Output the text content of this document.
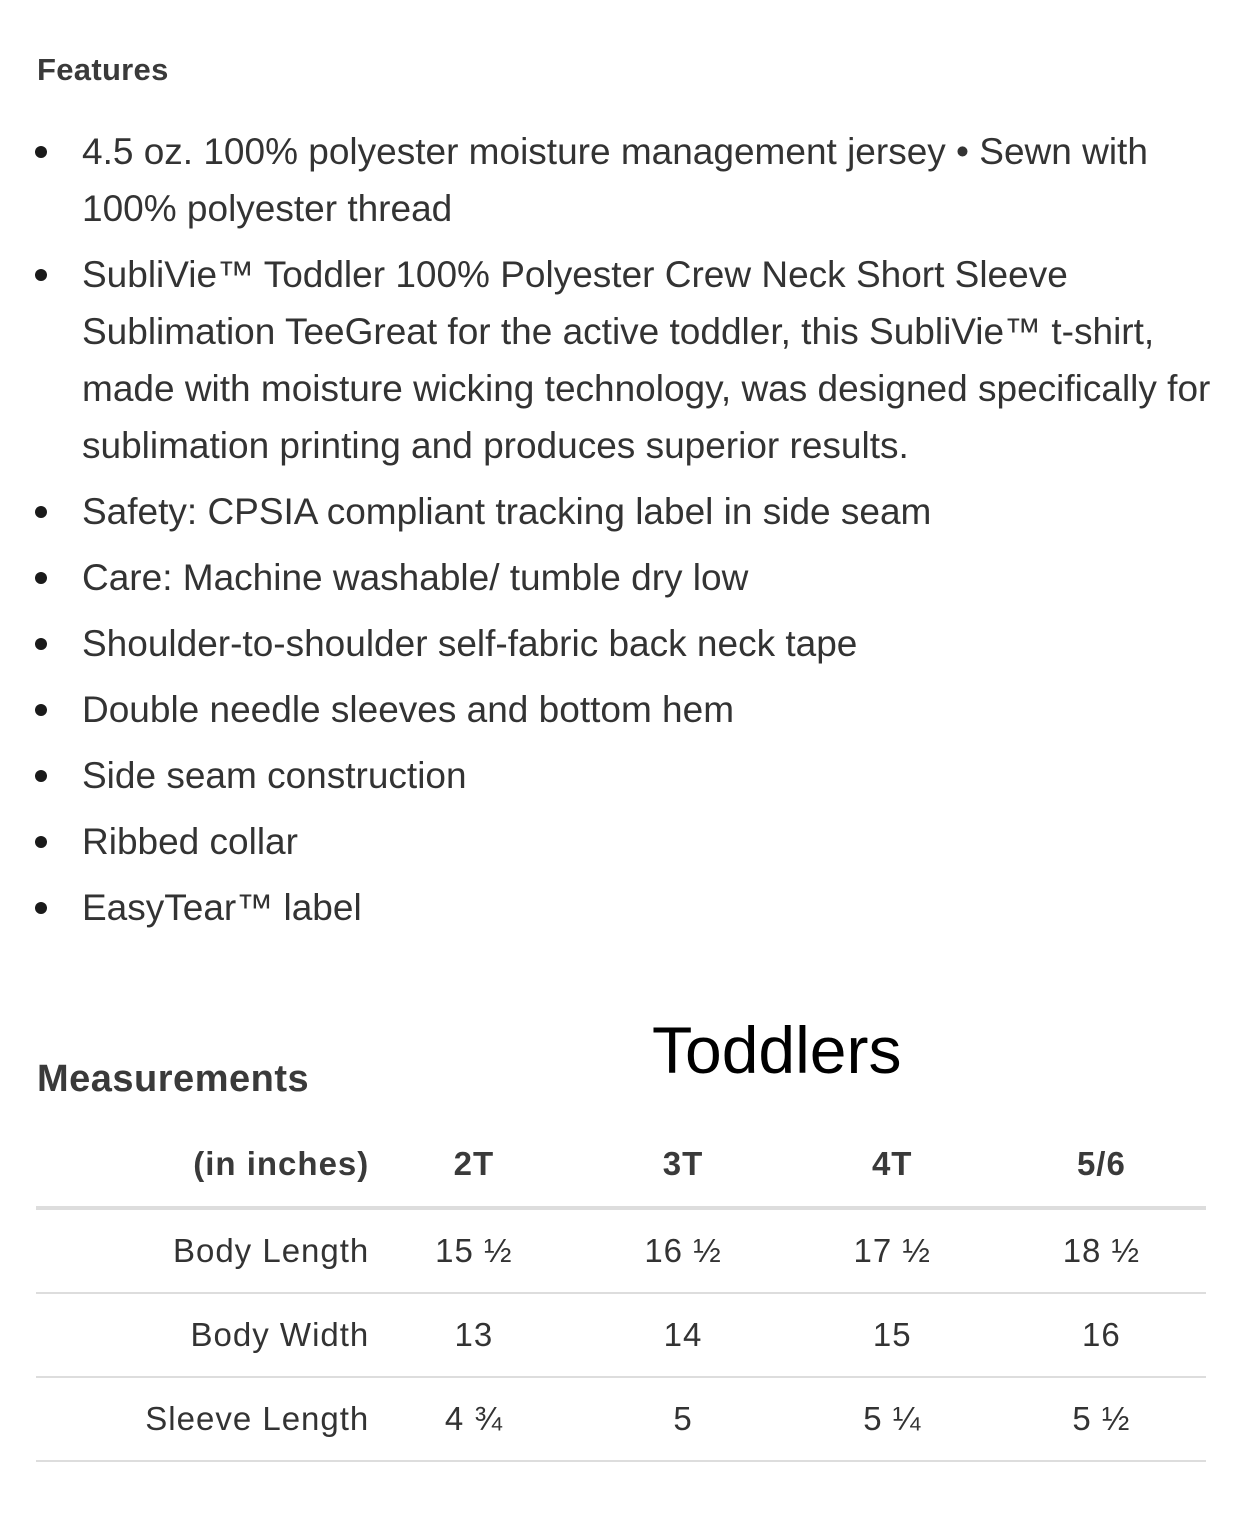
Features
4.5 oz. 100% polyester moisture management jersey • Sewn with 100% polyester thread
SubliVie™ Toddler 100% Polyester Crew Neck Short Sleeve Sublimation TeeGreat for the active toddler, this SubliVie™ t-shirt, made with moisture wicking technology, was designed specifically for sublimation printing and produces superior results.
Safety: CPSIA compliant tracking label in side seam
Care: Machine washable/ tumble dry low
Shoulder-to-shoulder self-fabric back neck tape
Double needle sleeves and bottom hem
Side seam construction
Ribbed collar
EasyTear™ label
Measurements	Toddlers
(in inches)	2T	3T	4T	5/6
Body Length	15 ½	16 ½	17 ½	18 ½
Body Width	13	14	15	16
Sleeve Length	4 ¾	5	5 ¼	5 ½
